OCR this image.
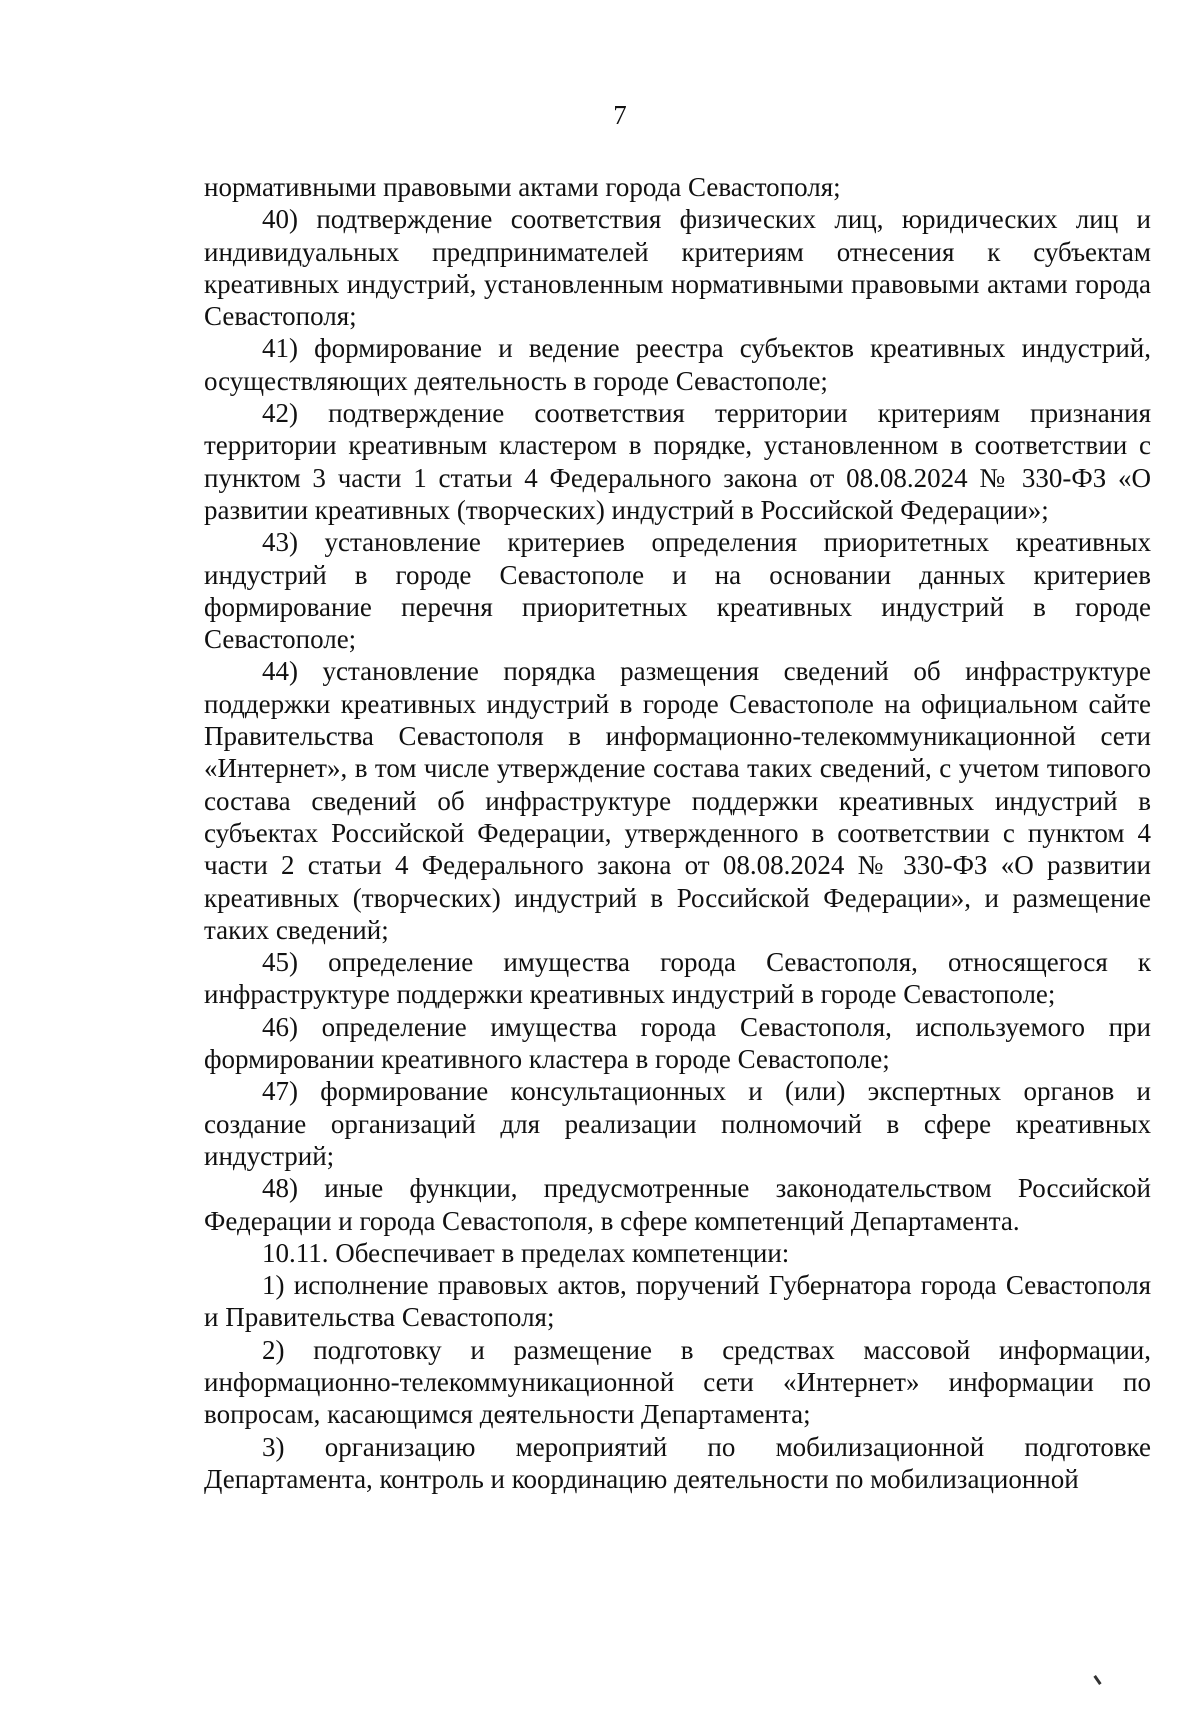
7

нормативными правовыми актами города Севастополя;

40) подтверждение соответствия физических лиц, юридических лиц и индивидуальных предпринимателей критериям отнесения к субъектам креативных индустрий, установленным нормативными правовыми актами города Севастополя;

41) формирование и ведение реестра субъектов креативных индустрий, осуществляющих деятельность в городе Севастополе;

42) подтверждение соответствия территории критериям признания территории креативным кластером в порядке, установленном в соответствии с пунктом 3 части 1 статьи 4 Федерального закона от 08.08.2024 № 330-ФЗ «О развитии креативных (творческих) индустрий в Российской Федерации»;

43) установление критериев определения приоритетных креативных индустрий в городе Севастополе и на основании данных критериев формирование перечня приоритетных креативных индустрий в городе Севастополе;

44) установление порядка размещения сведений об инфраструктуре поддержки креативных индустрий в городе Севастополе на официальном сайте Правительства Севастополя в информационно-телекоммуникационной сети «Интернет», в том числе утверждение состава таких сведений, с учетом типового состава сведений об инфраструктуре поддержки креативных индустрий в субъектах Российской Федерации, утвержденного в соответствии с пунктом 4 части 2 статьи 4 Федерального закона от 08.08.2024 № 330-ФЗ «О развитии креативных (творческих) индустрий в Российской Федерации», и размещение таких сведений;

45) определение имущества города Севастополя, относящегося к инфраструктуре поддержки креативных индустрий в городе Севастополе;

46) определение имущества города Севастополя, используемого при формировании креативного кластера в городе Севастополе;

47) формирование консультационных и (или) экспертных органов и создание организаций для реализации полномочий в сфере креативных индустрий;

48) иные функции, предусмотренные законодательством Российской Федерации и города Севастополя, в сфере компетенций Департамента.

10.11. Обеспечивает в пределах компетенции:

1) исполнение правовых актов, поручений Губернатора города Севастополя и Правительства Севастополя;

2) подготовку и размещение в средствах массовой информации, информационно-телекоммуникационной сети «Интернет» информации по вопросам, касающимся деятельности Департамента;

3) организацию мероприятий по мобилизационной подготовке Департамента, контроль и координацию деятельности по мобилизационной
